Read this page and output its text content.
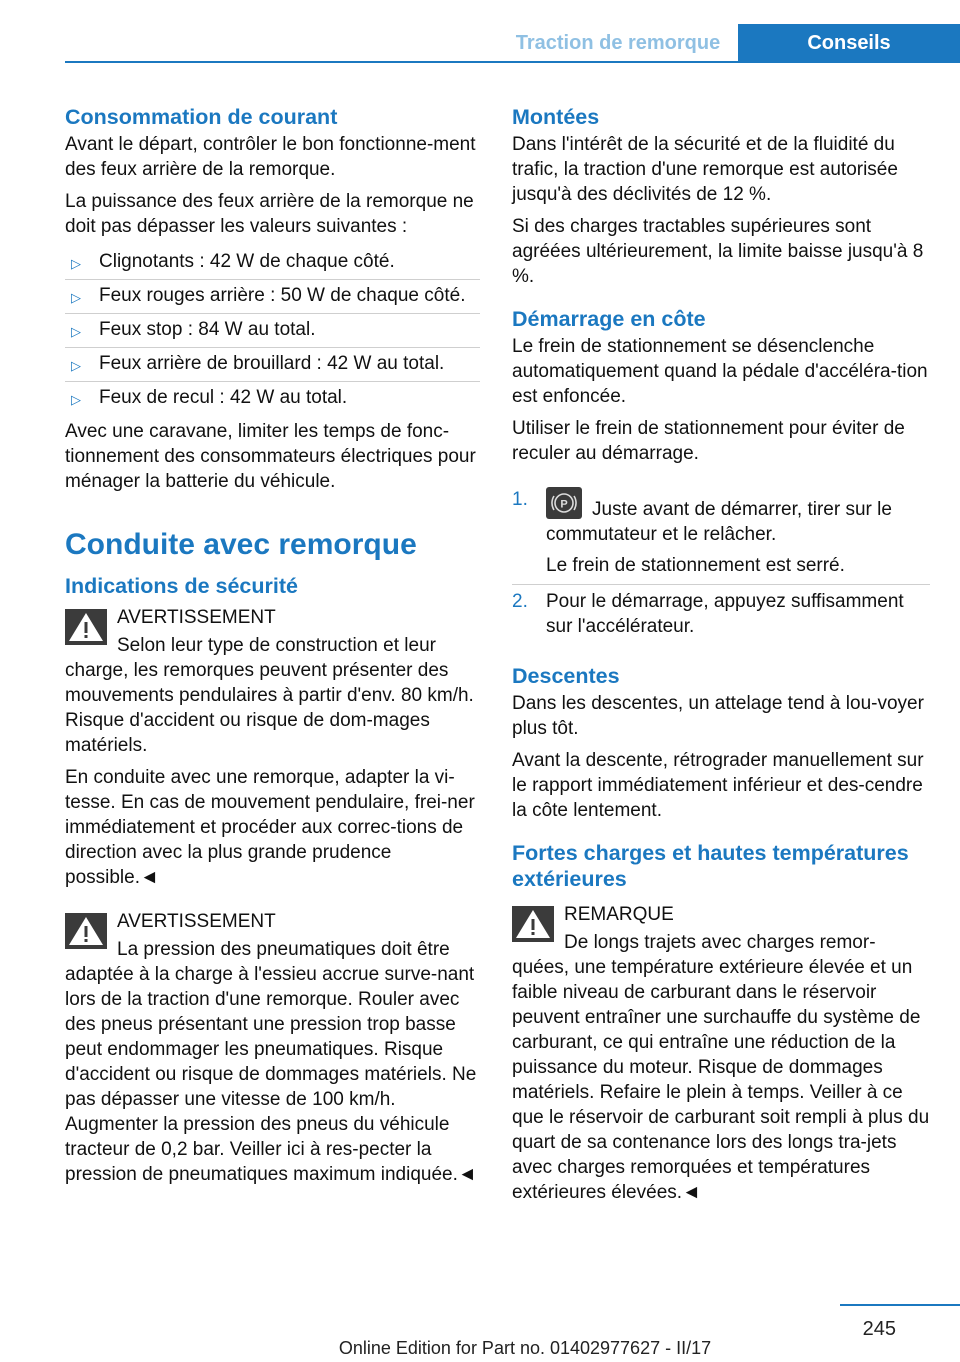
Traction de remorque	Conseils
Consommation de courant

Avant le départ, contrôler le bon fonctionne-ment des feux arrière de la remorque.

La puissance des feux arrière de la remorque ne doit pas dépasser les valeurs suivantes :

▷ Clignotants : 42 W de chaque côté.
▷ Feux rouges arrière : 50 W de chaque côté.
▷ Feux stop : 84 W au total.
▷ Feux arrière de brouillard : 42 W au total.
▷ Feux de recul : 42 W au total.

Avec une caravane, limiter les temps de fonc-tionnement des consommateurs électriques pour ménager la batterie du véhicule.

Conduite avec remorque
Indications de sécurité
AVERTISSEMENT

Selon leur type de construction et leur charge, les remorques peuvent présenter des mouvements pendulaires à partir d'env. 80 km/h. Risque d'accident ou risque de dom-mages matériels.

En conduite avec une remorque, adapter la vi-tesse. En cas de mouvement pendulaire, frei-ner immédiatement et procéder aux correc-tions de direction avec la plus grande prudence possible.◄

AVERTISSEMENT

La pression des pneumatiques doit être adaptée à la charge à l'essieu accrue surve-nant lors de la traction d'une remorque. Rouler avec des pneus présentant une pression trop basse peut endommager les pneumatiques. Risque d'accident ou risque de dommages matériels. Ne pas dépasser une vitesse de 100 km/h. Augmenter la pression des pneus du véhicule tracteur de 0,2 bar. Veiller ici à res-pecter la pression de pneumatiques maximum indiquée.◄

Montées

Dans l'intérêt de la sécurité et de la fluidité du trafic, la traction d'une remorque est autorisée jusqu'à des déclivités de 12 %.

Si des charges tractables supérieures sont agréées ultérieurement, la limite baisse jusqu'à 8 %.

Démarrage en côte

Le frein de stationnement se désenclenche automatiquement quand la pédale d'accéléra-tion est enfoncée.

Utiliser le frein de stationnement pour éviter de reculer au démarrage.

1.	P Juste avant de démarrer, tirer sur le commutateur et le relâcher.
Le frein de stationnement est serré.
2. Pour le démarrage, appuyez suffisamment sur l'accélérateur.
Descentes

Dans les descentes, un attelage tend à lou-voyer plus tôt.

Avant la descente, rétrograder manuellement sur le rapport immédiatement inférieur et des-cendre la côte lentement.

Fortes charges et hautes températures extérieures
REMARQUE

De longs trajets avec charges remor-quées, une température extérieure élevée et un faible niveau de carburant dans le réservoir peuvent entraîner une surchauffe du système de carburant, ce qui entraîne une réduction de la puissance du moteur. Risque de dommages matériels. Refaire le plein à temps. Veiller à ce que le réservoir de carburant soit rempli à plus du quart de sa contenance lors des longs tra-jets avec charges remorquées et températures extérieures élevées.◄

245
Online Edition for Part no. 01402977627 - II/17
